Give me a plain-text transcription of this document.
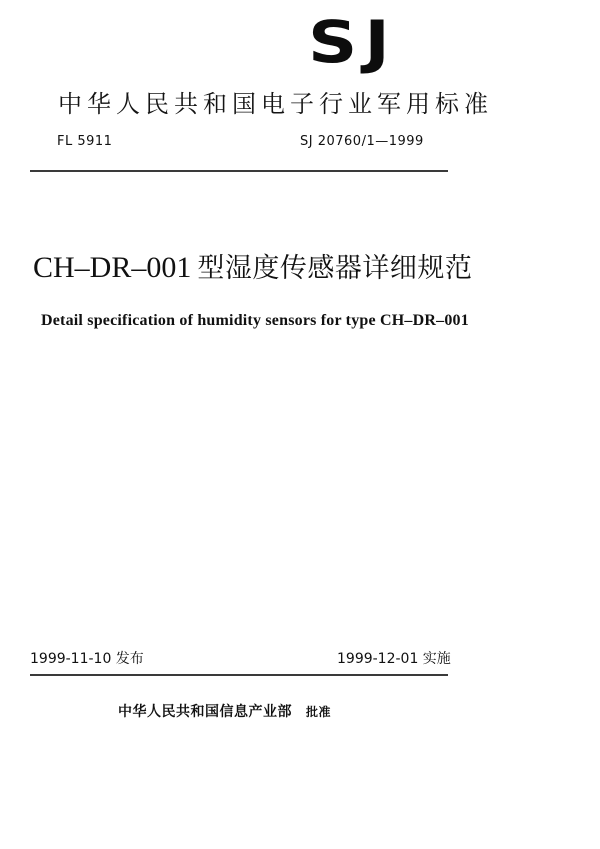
SJ
中华人民共和国电子行业军用标准
FL 5911	SJ 20760/1—1999
CH–DR–001 型湿度传感器详细规范
Detail specification of humidity sensors for type CH–DR–001
1999-11-10 发布	1999-12-01 实施
中华人民共和国信息产业部 批准
